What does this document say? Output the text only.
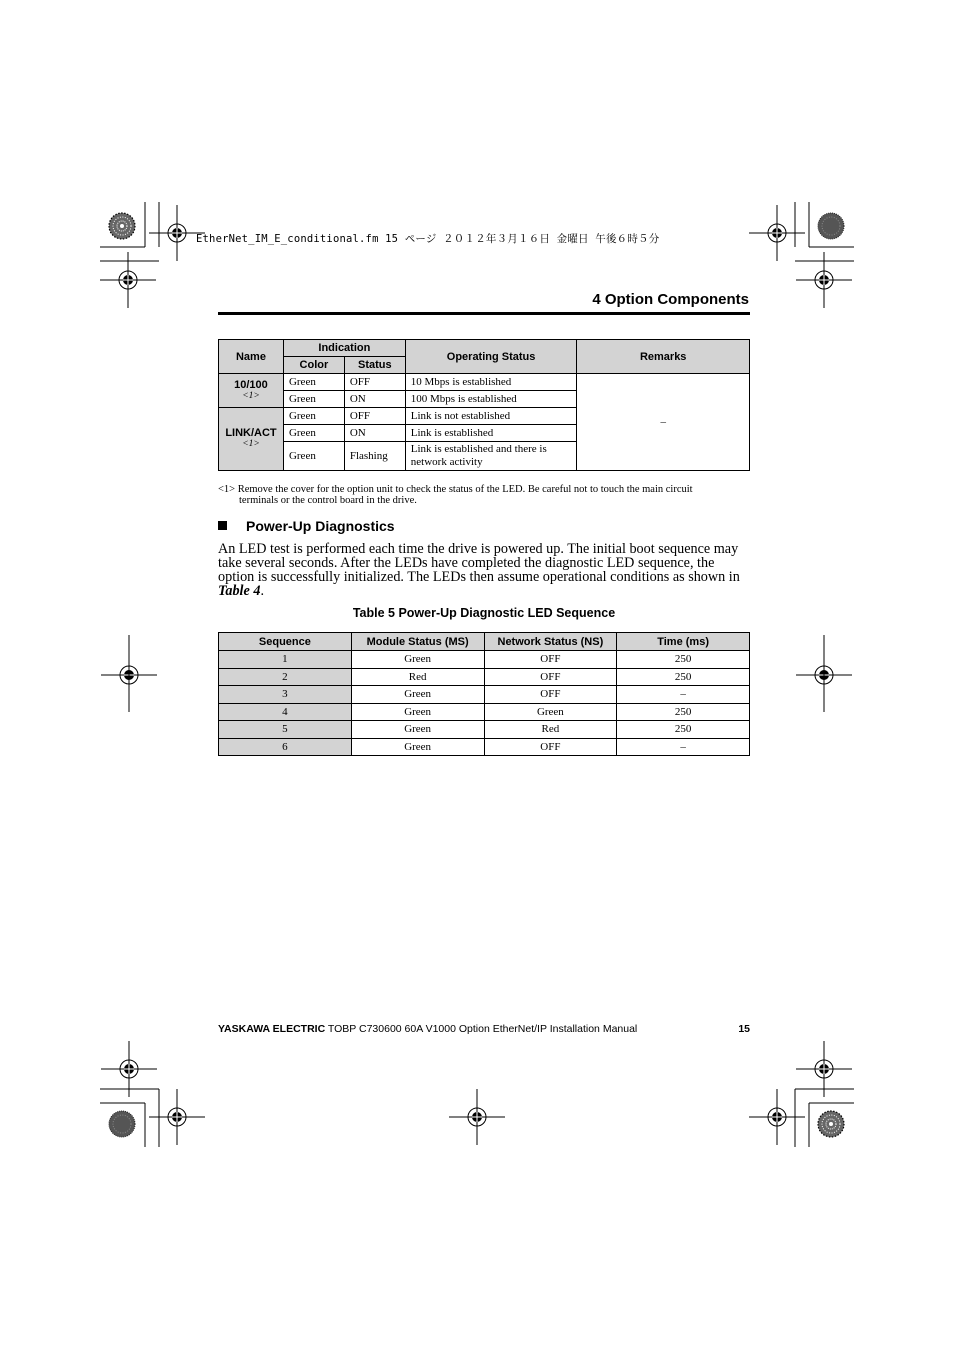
EtherNet_IM_E_conditional.fm 15 ページ ２０１２年３月１６日 金曜日 午後６時５分
4 Option Components
Name	Indication		Operating Status	Remarks
	Color	Status		
10/100
<1>	Green	OFF	10 Mbps is established	–
	Green	ON	100 Mbps is established	
LINK/ACT
<1>	Green	OFF	Link is not established	
	Green	ON	Link is established	
	Green	Flashing	Link is established and there is network activity	
<1> Remove the cover for the option unit to check the status of the LED. Be careful not to touch the main circuit
terminals or the control board in the drive.
Power-Up Diagnostics
An LED test is performed each time the drive is powered up. The initial boot sequence may take several seconds. After the LEDs have completed the diagnostic LED sequence, the option is successfully initialized. The LEDs then assume operational conditions as shown in Table 4.
Table 5 Power-Up Diagnostic LED Sequence
Sequence	Module Status (MS)	Network Status (NS)	Time (ms)
1	Green	OFF	250
2	Red	OFF	250
3	Green	OFF	–
4	Green	Green	250
5	Green	Red	250
6	Green	OFF	–
YASKAWA ELECTRIC TOBP C730600 60A V1000 Option EtherNet/IP Installation Manual	15
